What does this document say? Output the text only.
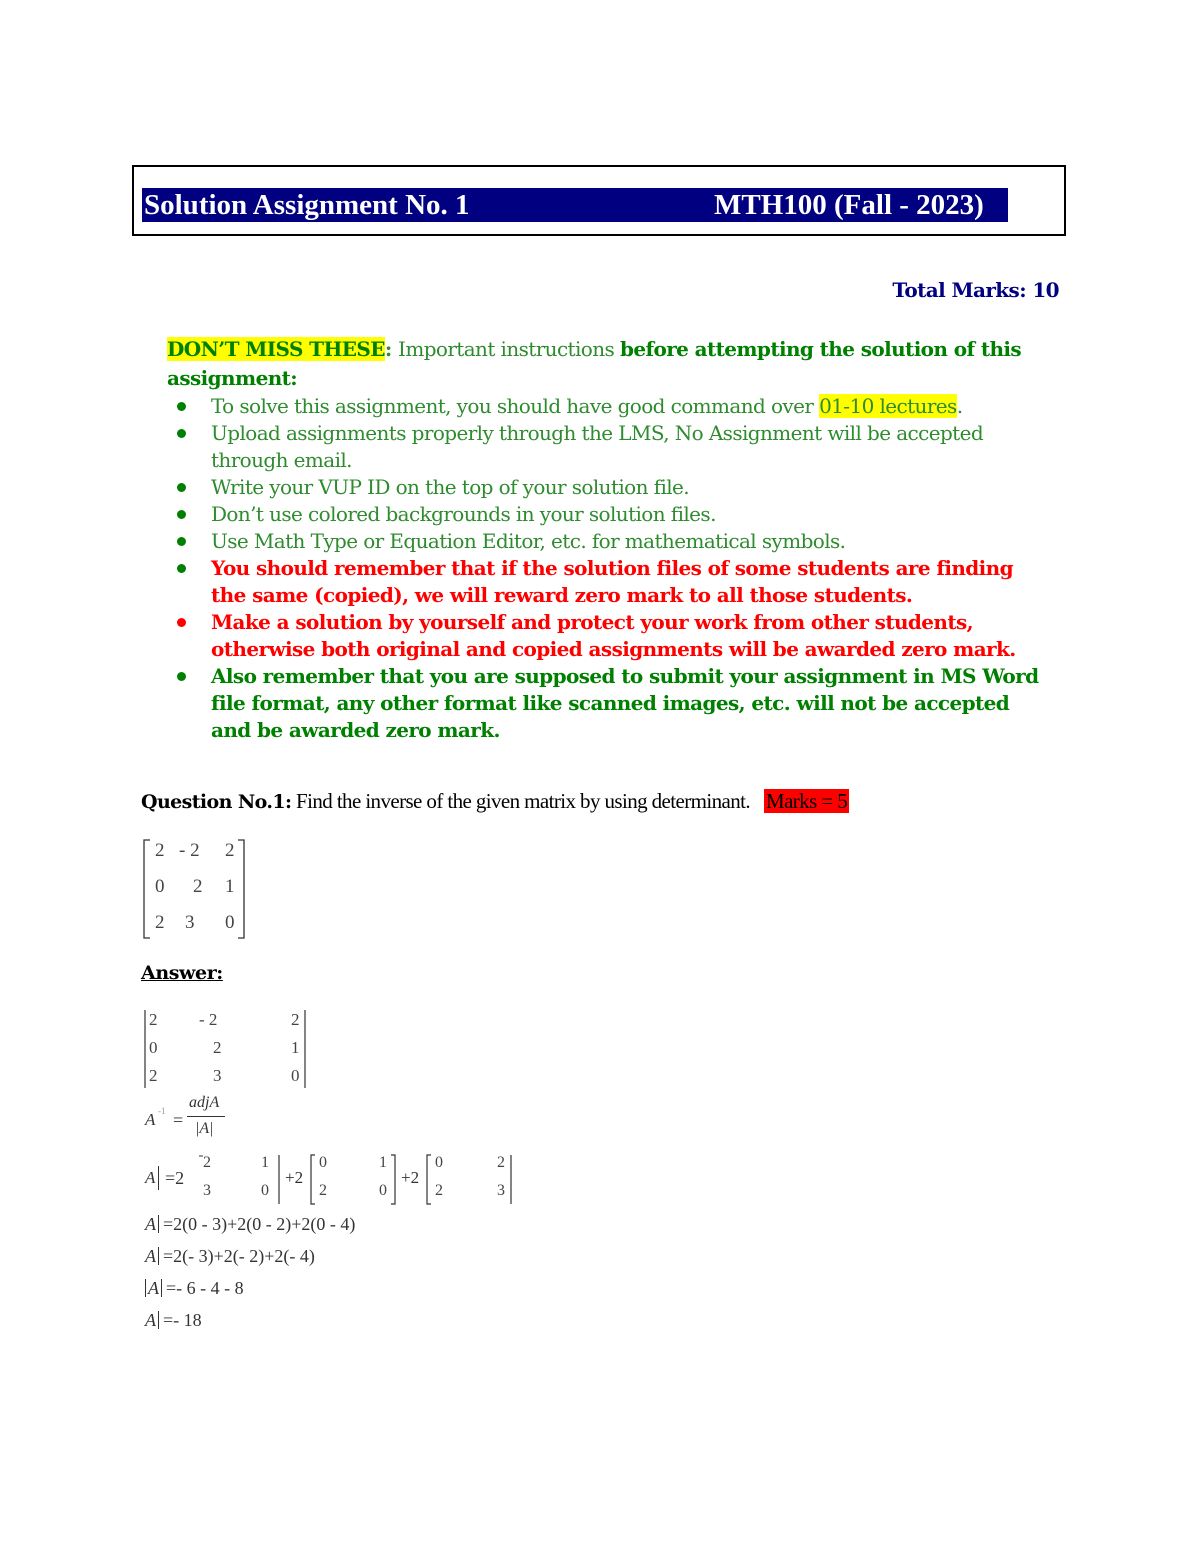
Solution Assignment No. 1	MTH100 (Fall - 2023)
Total Marks: 10
DON’T MISS THESE: Important instructions before attempting the solution of this assignment:
To solve this assignment, you should have good command over 01-10 lectures.
Upload assignments properly through the LMS, No Assignment will be accepted through email.
Write your VUP ID on the top of your solution file.
Don’t use colored backgrounds in your solution files.
Use Math Type or Equation Editor, etc. for mathematical symbols.
You should remember that if the solution files of some students are finding the same (copied), we will reward zero mark to all those students.
Make a solution by yourself and protect your work from other students, otherwise both original and copied assignments will be awarded zero mark.
Also remember that you are supposed to submit your assignment in MS Word file format, any other format like scanned images, etc. will not be accepted and be awarded zero mark.
Question No.1: Find the inverse of the given matrix by using determinant. Marks = 5
2 - 2 2
0 2 1
2 3 0
Answer:
2 - 2	2
0	2	1
2	3	0
A -1 =
adjA
|A|
A =2
2	1
3	0
+2
0	1
2	0
+2
0	2
2	3
A =2(0 - 3)+2(0 - 2)+2(0 - 4)
A =2(- 3)+2(- 2)+2(- 4)
A =- 6 - 4 - 8
A =- 18
